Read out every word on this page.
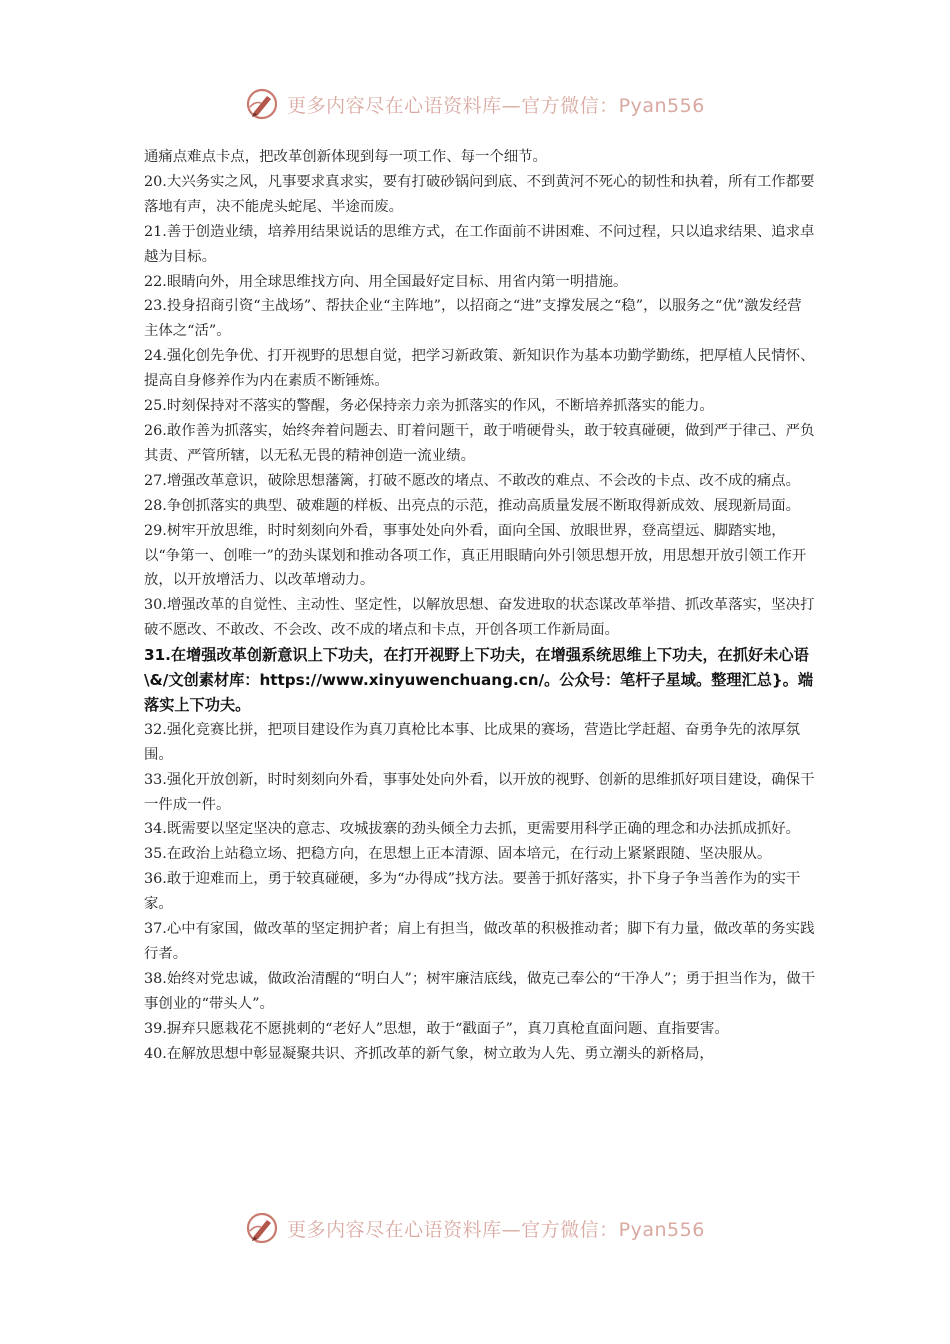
更多内容尽在心语资料库—官方微信：Pyan556

通痛点难点卡点，把改革创新体现到每一项工作、每一个细节。

20.大兴务实之风，凡事要求真求实，要有打破砂锅问到底、不到黄河不死心的韧性和执着，所有工作都要落地有声，决不能虎头蛇尾、半途而废。

21.善于创造业绩，培养用结果说话的思维方式，在工作面前不讲困难、不问过程，只以追求结果、追求卓越为目标。

22.眼睛向外，用全球思维找方向、用全国最好定目标、用省内第一明措施。

23.投身招商引资“主战场”、帮扶企业“主阵地”，以招商之“进”支撑发展之“稳”，以服务之“优”激发经营主体之“活”。

24.强化创先争优、打开视野的思想自觉，把学习新政策、新知识作为基本功勤学勤练，把厚植人民情怀、提高自身修养作为内在素质不断锤炼。

25.时刻保持对不落实的警醒，务必保持亲力亲为抓落实的作风，不断培养抓落实的能力。

26.敢作善为抓落实，始终奔着问题去、盯着问题干，敢于啃硬骨头，敢于较真碰硬，做到严于律己、严负其责、严管所辖，以无私无畏的精神创造一流业绩。

27.增强改革意识，破除思想藩篱，打破不愿改的堵点、不敢改的难点、不会改的卡点、改不成的痛点。

28.争创抓落实的典型、破难题的样板、出亮点的示范，推动高质量发展不断取得新成效、展现新局面。

29.树牢开放思维，时时刻刻向外看，事事处处向外看，面向全国、放眼世界，登高望远、脚踏实地，以“争第一、创唯一”的劲头谋划和推动各项工作，真正用眼睛向外引领思想开放，用思想开放引领工作开放，以开放增活力、以改革增动力。

30.增强改革的自觉性、主动性、坚定性，以解放思想、奋发进取的状态谋改革举措、抓改革落实，坚决打破不愿改、不敢改、不会改、改不成的堵点和卡点，开创各项工作新局面。

31.在增强改革创新意识上下功夫，在打开视野上下功夫，在增强系统思维上下功夫，在抓好未心语\&/文创素材库：https://www.xinyuwenchuang.cn/。公众号：笔杆子星域。整理汇总}。端落实上下功夫。

32.强化竞赛比拼，把项目建设作为真刀真枪比本事、比成果的赛场，营造比学赶超、奋勇争先的浓厚氛围。

33.强化开放创新，时时刻刻向外看，事事处处向外看，以开放的视野、创新的思维抓好项目建设，确保干一件成一件。

34.既需要以坚定坚决的意志、攻城拔寨的劲头倾全力去抓，更需要用科学正确的理念和办法抓成抓好。

35.在政治上站稳立场、把稳方向，在思想上正本清源、固本培元，在行动上紧紧跟随、坚决服从。

36.敢于迎难而上，勇于较真碰硬，多为“办得成”找方法。要善于抓好落实，扑下身子争当善作为的实干家。

37.心中有家国，做改革的坚定拥护者；肩上有担当，做改革的积极推动者；脚下有力量，做改革的务实践行者。

38.始终对党忠诚，做政治清醒的“明白人”；树牢廉洁底线，做克己奉公的“干净人”；勇于担当作为，做干事创业的“带头人”。

39.摒弃只愿栽花不愿挑刺的“老好人”思想，敢于“戳面子”，真刀真枪直面问题、直指要害。

40.在解放思想中彰显凝聚共识、齐抓改革的新气象，树立敢为人先、勇立潮头的新格局，

更多内容尽在心语资料库—官方微信：Pyan556
